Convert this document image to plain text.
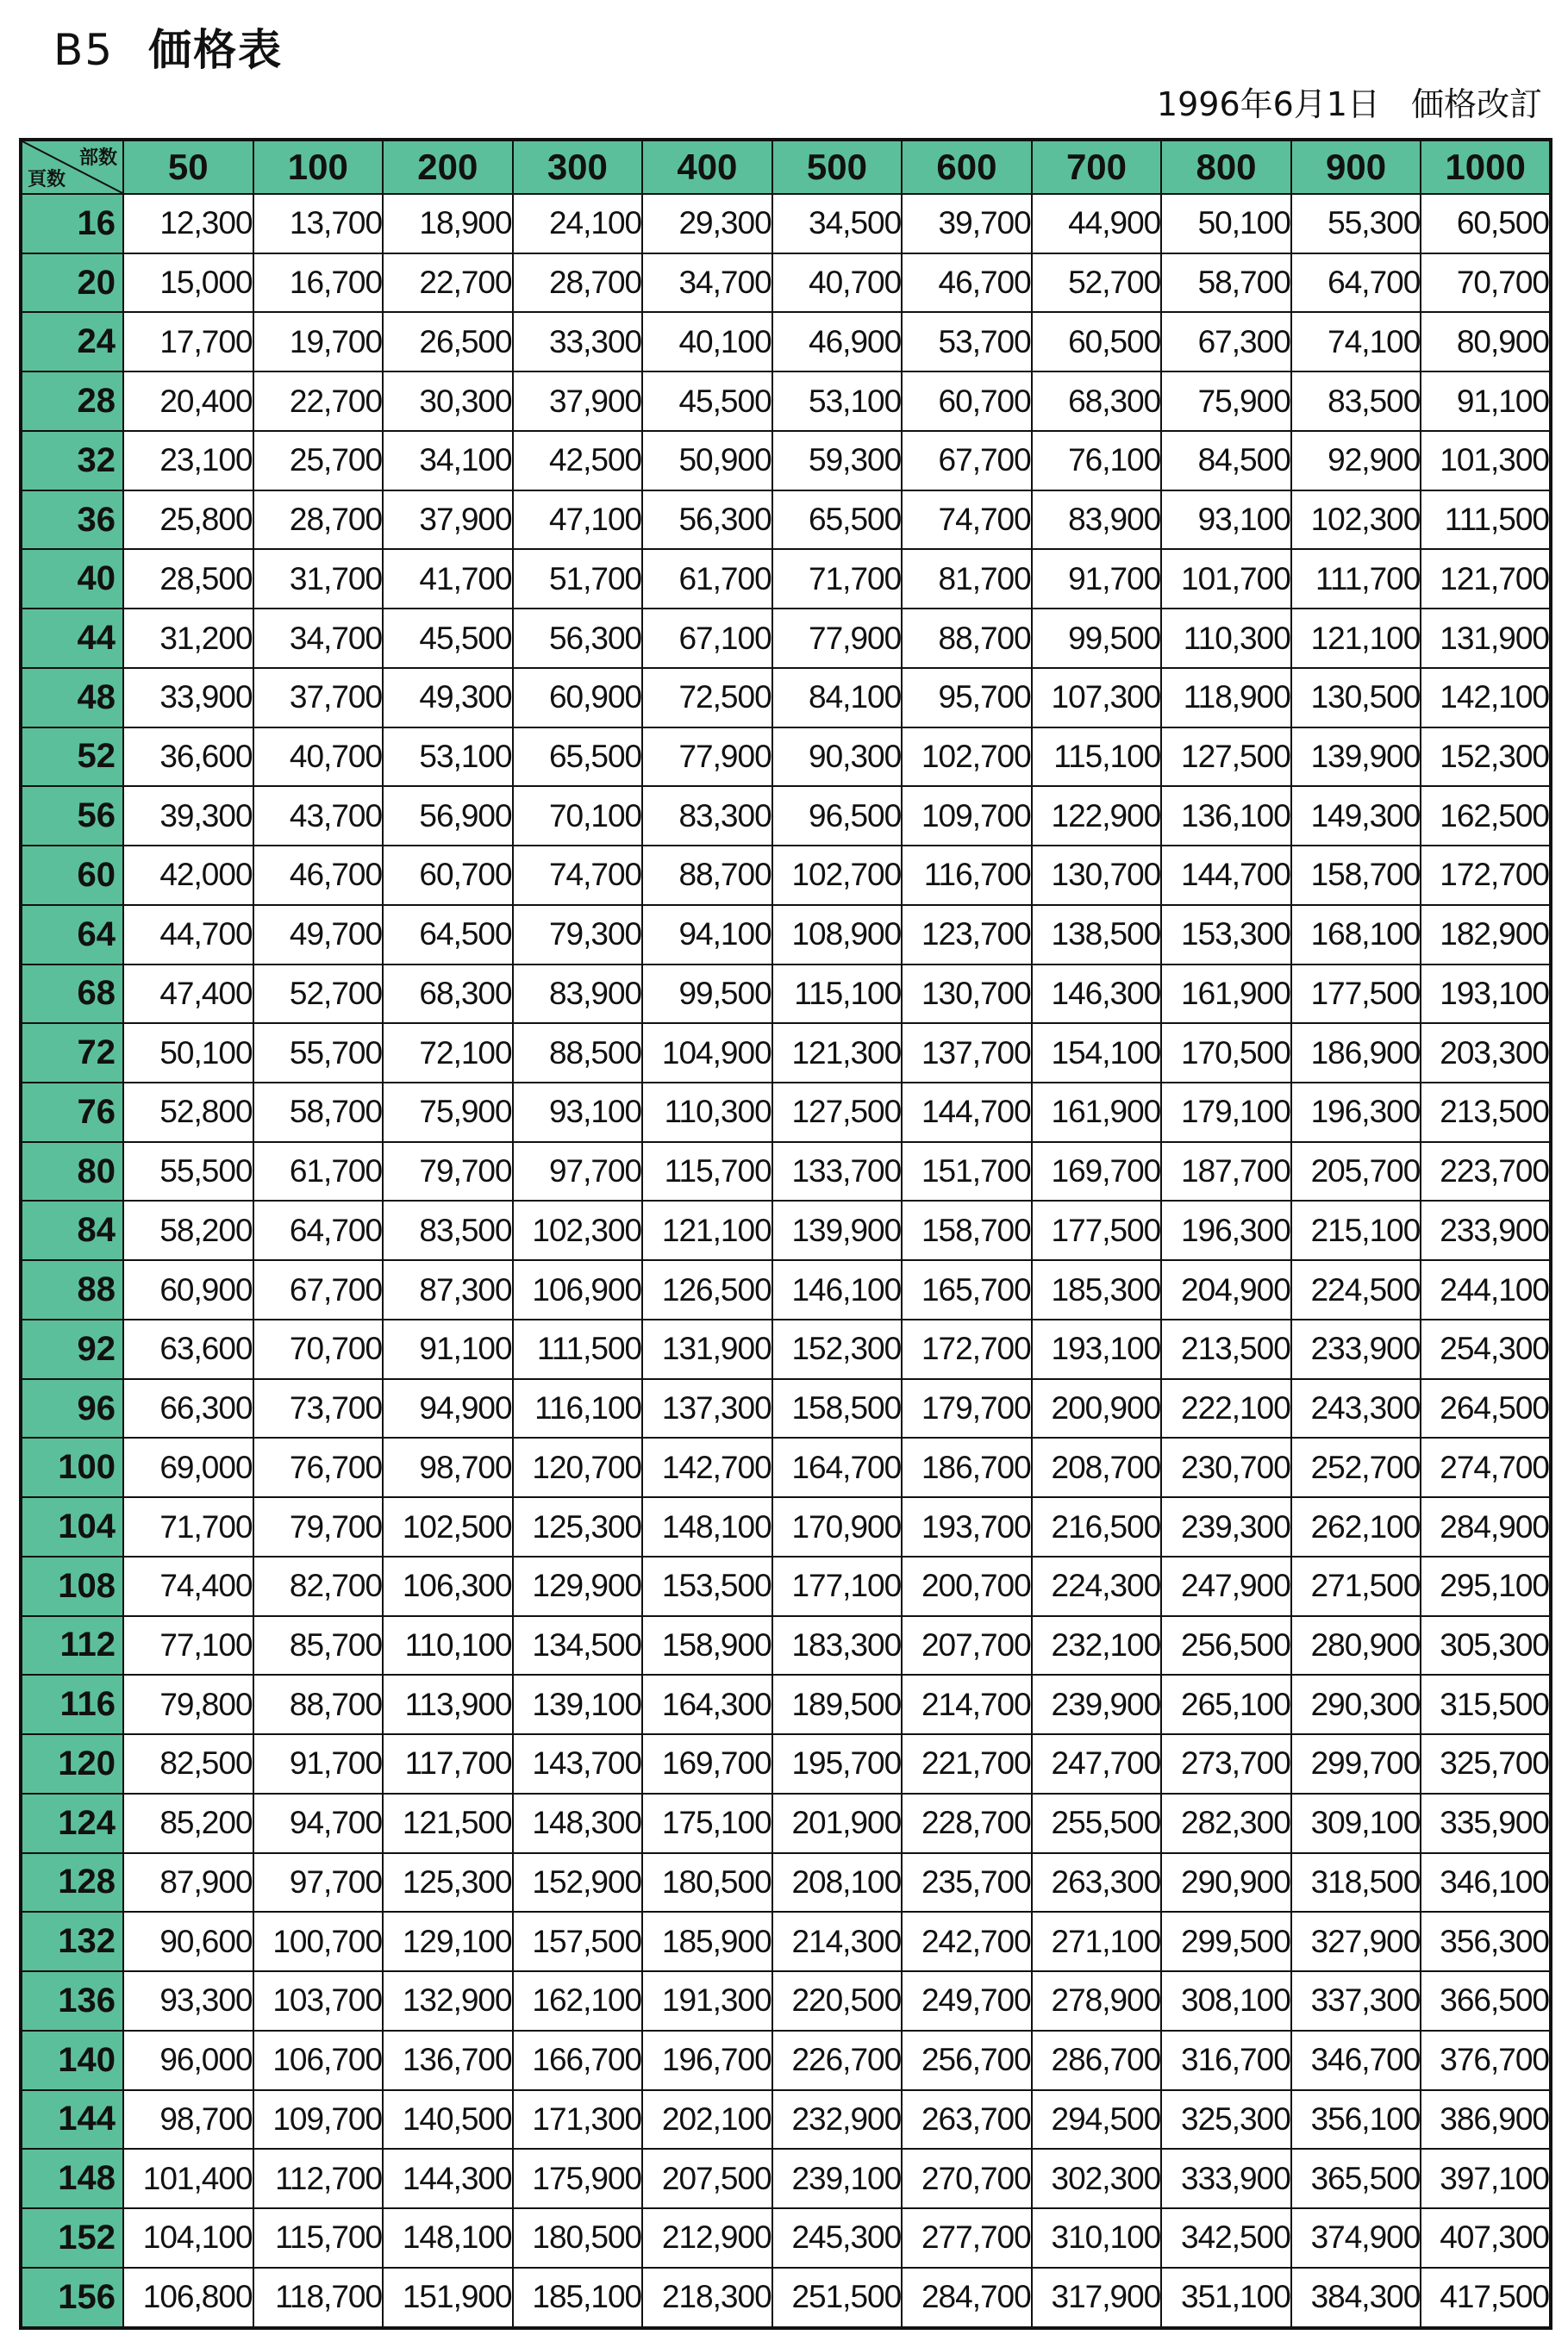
B5 価格表
1996年6月1日 価格改訂
部数
頁数	50	100	200	300	400	500	600	700	800	900	1000
16	12,300	13,700	18,900	24,100	29,300	34,500	39,700	44,900	50,100	55,300	60,500
20	15,000	16,700	22,700	28,700	34,700	40,700	46,700	52,700	58,700	64,700	70,700
24	17,700	19,700	26,500	33,300	40,100	46,900	53,700	60,500	67,300	74,100	80,900
28	20,400	22,700	30,300	37,900	45,500	53,100	60,700	68,300	75,900	83,500	91,100
32	23,100	25,700	34,100	42,500	50,900	59,300	67,700	76,100	84,500	92,900	101,300
36	25,800	28,700	37,900	47,100	56,300	65,500	74,700	83,900	93,100	102,300	111,500
40	28,500	31,700	41,700	51,700	61,700	71,700	81,700	91,700	101,700	111,700	121,700
44	31,200	34,700	45,500	56,300	67,100	77,900	88,700	99,500	110,300	121,100	131,900
48	33,900	37,700	49,300	60,900	72,500	84,100	95,700	107,300	118,900	130,500	142,100
52	36,600	40,700	53,100	65,500	77,900	90,300	102,700	115,100	127,500	139,900	152,300
56	39,300	43,700	56,900	70,100	83,300	96,500	109,700	122,900	136,100	149,300	162,500
60	42,000	46,700	60,700	74,700	88,700	102,700	116,700	130,700	144,700	158,700	172,700
64	44,700	49,700	64,500	79,300	94,100	108,900	123,700	138,500	153,300	168,100	182,900
68	47,400	52,700	68,300	83,900	99,500	115,100	130,700	146,300	161,900	177,500	193,100
72	50,100	55,700	72,100	88,500	104,900	121,300	137,700	154,100	170,500	186,900	203,300
76	52,800	58,700	75,900	93,100	110,300	127,500	144,700	161,900	179,100	196,300	213,500
80	55,500	61,700	79,700	97,700	115,700	133,700	151,700	169,700	187,700	205,700	223,700
84	58,200	64,700	83,500	102,300	121,100	139,900	158,700	177,500	196,300	215,100	233,900
88	60,900	67,700	87,300	106,900	126,500	146,100	165,700	185,300	204,900	224,500	244,100
92	63,600	70,700	91,100	111,500	131,900	152,300	172,700	193,100	213,500	233,900	254,300
96	66,300	73,700	94,900	116,100	137,300	158,500	179,700	200,900	222,100	243,300	264,500
100	69,000	76,700	98,700	120,700	142,700	164,700	186,700	208,700	230,700	252,700	274,700
104	71,700	79,700	102,500	125,300	148,100	170,900	193,700	216,500	239,300	262,100	284,900
108	74,400	82,700	106,300	129,900	153,500	177,100	200,700	224,300	247,900	271,500	295,100
112	77,100	85,700	110,100	134,500	158,900	183,300	207,700	232,100	256,500	280,900	305,300
116	79,800	88,700	113,900	139,100	164,300	189,500	214,700	239,900	265,100	290,300	315,500
120	82,500	91,700	117,700	143,700	169,700	195,700	221,700	247,700	273,700	299,700	325,700
124	85,200	94,700	121,500	148,300	175,100	201,900	228,700	255,500	282,300	309,100	335,900
128	87,900	97,700	125,300	152,900	180,500	208,100	235,700	263,300	290,900	318,500	346,100
132	90,600	100,700	129,100	157,500	185,900	214,300	242,700	271,100	299,500	327,900	356,300
136	93,300	103,700	132,900	162,100	191,300	220,500	249,700	278,900	308,100	337,300	366,500
140	96,000	106,700	136,700	166,700	196,700	226,700	256,700	286,700	316,700	346,700	376,700
144	98,700	109,700	140,500	171,300	202,100	232,900	263,700	294,500	325,300	356,100	386,900
148	101,400	112,700	144,300	175,900	207,500	239,100	270,700	302,300	333,900	365,500	397,100
152	104,100	115,700	148,100	180,500	212,900	245,300	277,700	310,100	342,500	374,900	407,300
156	106,800	118,700	151,900	185,100	218,300	251,500	284,700	317,900	351,100	384,300	417,500
